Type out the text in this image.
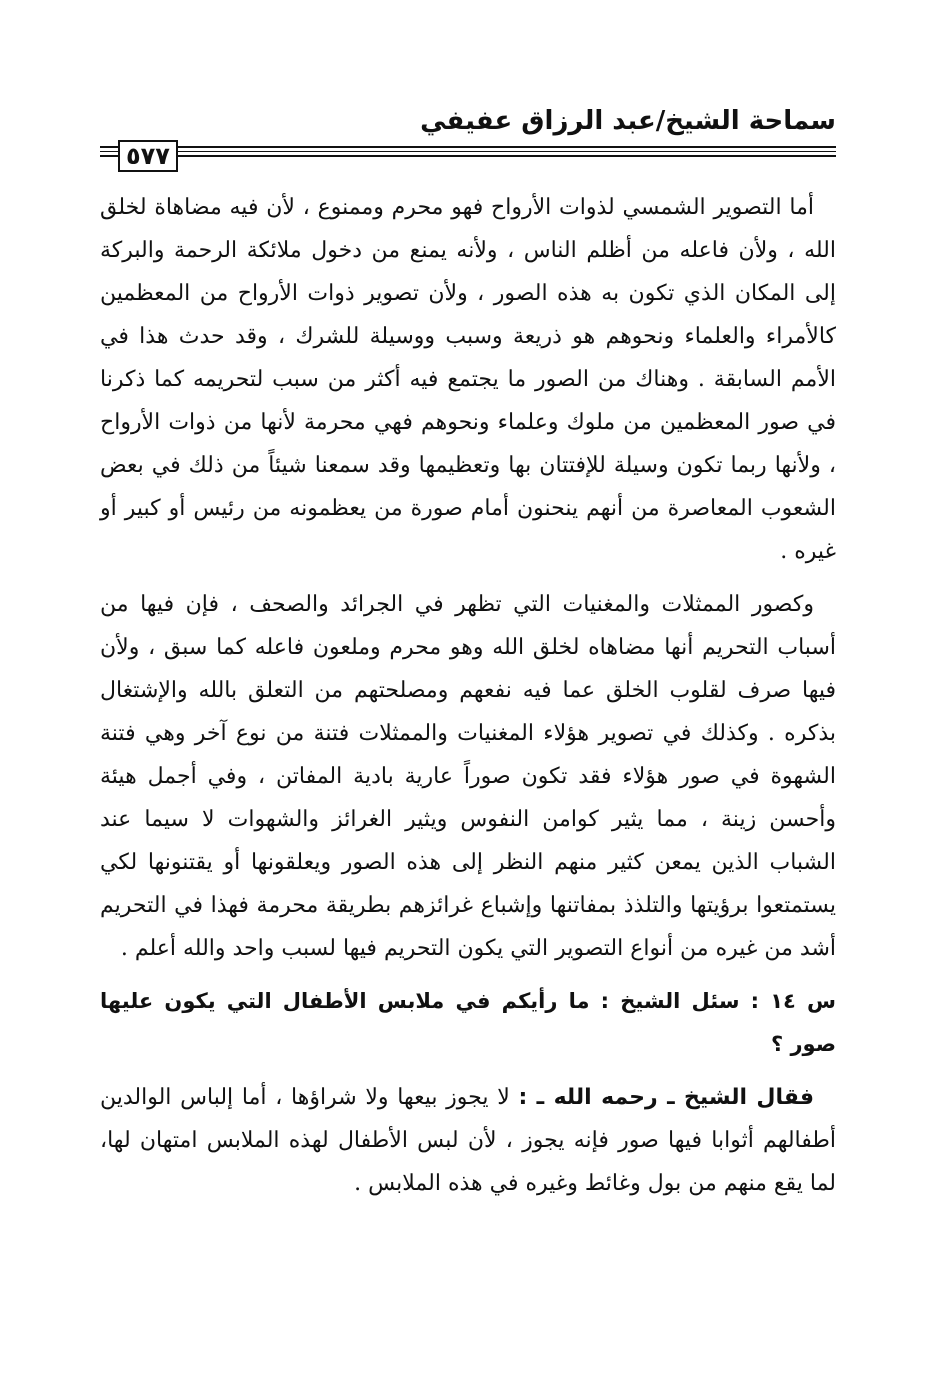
سماحة الشيخ/عبد الرزاق عفيفي
٥٧٧

أما التصوير الشمسي لذوات الأرواح فهو محرم وممنوع ، لأن فيه مضاهاة لخلق الله ، ولأن فاعله من أظلم الناس ، ولأنه يمنع من دخول ملائكة الرحمة والبركة إلى المكان الذي تكون به هذه الصور ، ولأن تصوير ذوات الأرواح من المعظمين كالأمراء والعلماء ونحوهم هو ذريعة وسبب ووسيلة للشرك ، وقد حدث هذا في الأمم السابقة . وهناك من الصور ما يجتمع فيه أكثر من سبب لتحريمه كما ذكرنا في صور المعظمين من ملوك وعلماء ونحوهم فهي محرمة لأنها من ذوات الأرواح ، ولأنها ربما تكون وسيلة للإفتتان بها وتعظيمها وقد سمعنا شيئاً من ذلك في بعض الشعوب المعاصرة من أنهم ينحنون أمام صورة من يعظمونه من رئيس أو كبير أو غيره .

وكصور الممثلات والمغنيات التي تظهر في الجرائد والصحف ، فإن فيها من أسباب التحريم أنها مضاهاه لخلق الله وهو محرم وملعون فاعله كما سبق ، ولأن فيها صرف لقلوب الخلق عما فيه نفعهم ومصلحتهم من التعلق بالله والإشتغال بذكره . وكذلك في تصوير هؤلاء المغنيات والممثلات فتنة من نوع آخر وهي فتنة الشهوة في صور هؤلاء فقد تكون صوراً عارية بادية المفاتن ، وفي أجمل هيئة وأحسن زينة ، مما يثير كوامن النفوس ويثير الغرائز والشهوات لا سيما عند الشباب الذين يمعن كثير منهم النظر إلى هذه الصور ويعلقونها أو يقتنونها لكي يستمتعوا برؤيتها والتلذذ بمفاتنها وإشباع غرائزهم بطريقة محرمة فهذا في التحريم أشد من غيره من أنواع التصوير التي يكون التحريم فيها لسبب واحد والله أعلم .

س ١٤ : سئل الشيخ : ما رأيكم في ملابس الأطفال التي يكون عليها صور ؟

فقال الشيخ ـ رحمه الله ـ : لا يجوز بيعها ولا شراؤها ، أما إلباس الوالدين أطفالهم أثوابا فيها صور فإنه يجوز ، لأن لبس الأطفال لهذه الملابس امتهان لها، لما يقع منهم من بول وغائط وغيره في هذه الملابس .
